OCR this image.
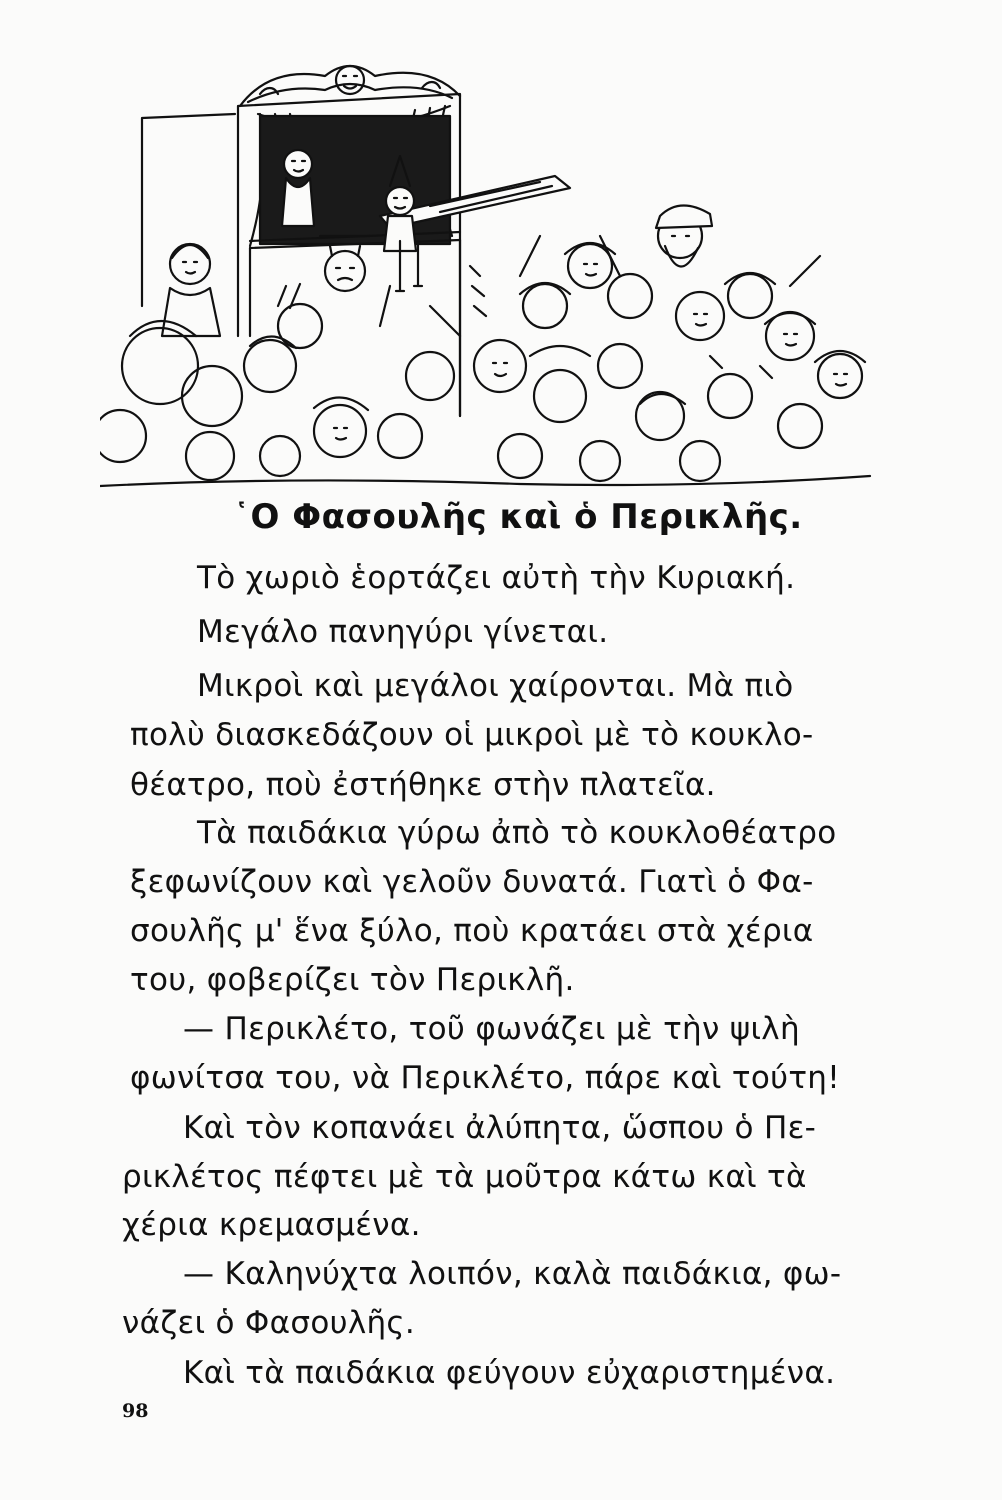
῾Ο Φασουλῆς καὶ ὁ Περικλῆς.
Τὸ χωριὸ ἑορτάζει αὐτὴ τὴν Κυριακή.
Μεγάλο πανηγύρι γίνεται.
Μικροὶ καὶ μεγάλοι χαίρονται. Μὰ πιὸ
πολὺ διασκεδάζουν οἱ μικροὶ μὲ τὸ κουκλο-
θέατρο, ποὺ ἐστήθηκε στὴν πλατεῖα.
Τὰ παιδάκια γύρω ἀπὸ τὸ κουκλοθέατρο
ξεφωνίζουν καὶ γελοῦν δυνατά. Γιατὶ ὁ Φα-
σουλῆς μ' ἕνα ξύλο, ποὺ κρατάει στὰ χέρια
του, φοβερίζει τὸν Περικλῆ.
— Περικλέτο, τοῦ φωνάζει μὲ τὴν ψιλὴ
φωνίτσα του, νὰ Περικλέτο, πάρε καὶ τούτη!
Καὶ τὸν κοπανάει ἀλύπητα, ὥσπου ὁ Πε-
ρικλέτος πέφτει μὲ τὰ μοῦτρα κάτω καὶ τὰ
χέρια κρεμασμένα.
— Καληνύχτα λοιπόν, καλὰ παιδάκια, φω-
νάζει ὁ Φασουλῆς.
Καὶ τὰ παιδάκια φεύγουν εὐχαριστημένα.
98
